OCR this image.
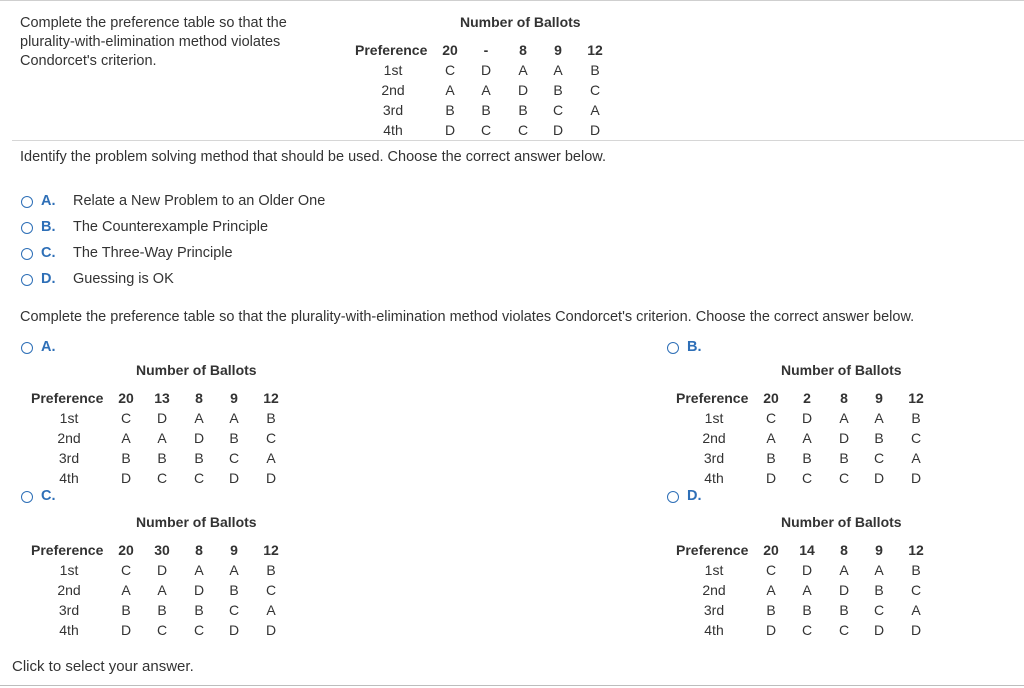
Complete the preference table so that the plurality-with-elimination method violates Condorcet's criterion.
Number of Ballots
Preference	20	-	8	9	12
1st	C	D	A	A	B
2nd	A	A	D	B	C
3rd	B	B	B	C	A
4th	D	C	C	D	D
Identify the problem solving method that should be used. Choose the correct answer below.
A. Relate a New Problem to an Older One
B. The Counterexample Principle
C. The Three-Way Principle
D. Guessing is OK
Complete the preference table so that the plurality-with-elimination method violates Condorcet's criterion. Choose the correct answer below.
A.
Number of Ballots
Preference	20	13	8	9	12
1st	C	D	A	A	B
2nd	A	A	D	B	C
3rd	B	B	B	C	A
4th	D	C	C	D	D
B.
Number of Ballots
Preference	20	2	8	9	12
1st	C	D	A	A	B
2nd	A	A	D	B	C
3rd	B	B	B	C	A
4th	D	C	C	D	D
C.
Number of Ballots
Preference	20	30	8	9	12
1st	C	D	A	A	B
2nd	A	A	D	B	C
3rd	B	B	B	C	A
4th	D	C	C	D	D
D.
Number of Ballots
Preference	20	14	8	9	12
1st	C	D	A	A	B
2nd	A	A	D	B	C
3rd	B	B	B	C	A
4th	D	C	C	D	D
Click to select your answer.
